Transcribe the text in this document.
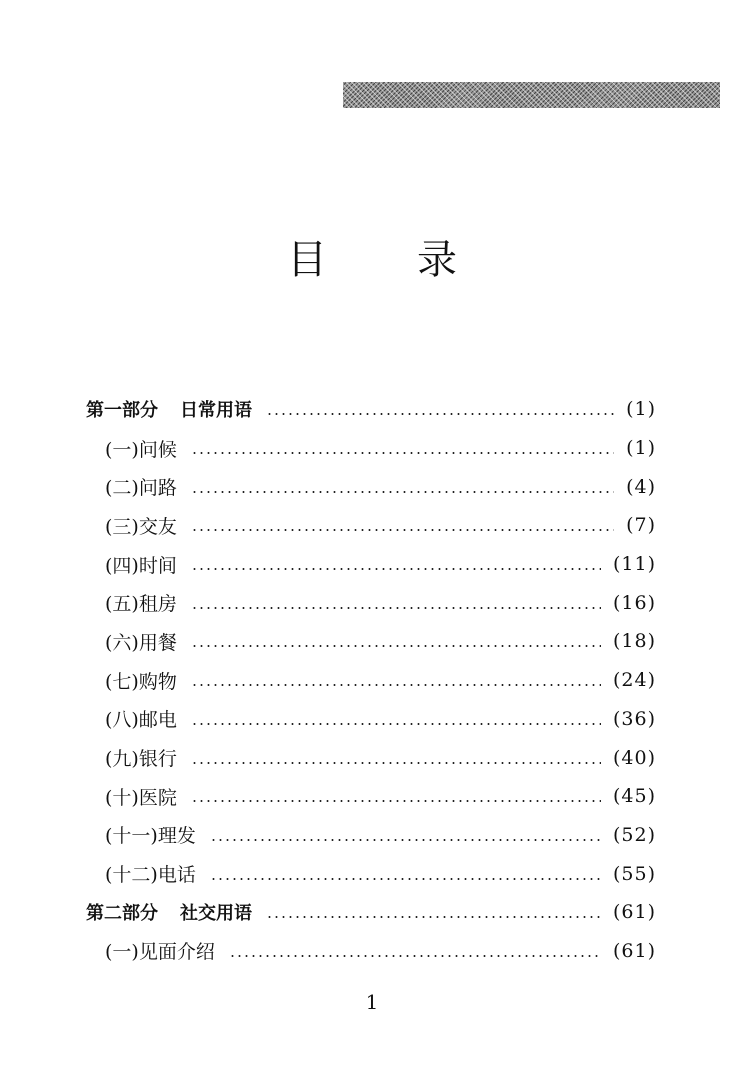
目 录
第一部分 日常用语	(1)
(一)问候	(1)
(二)问路	(4)
(三)交友	(7)
(四)时间	(11)
(五)租房	(16)
(六)用餐	(18)
(七)购物	(24)
(八)邮电	(36)
(九)银行	(40)
(十)医院	(45)
(十一)理发	(52)
(十二)电话	(55)
第二部分 社交用语	(61)
(一)见面介绍	(61)
1
